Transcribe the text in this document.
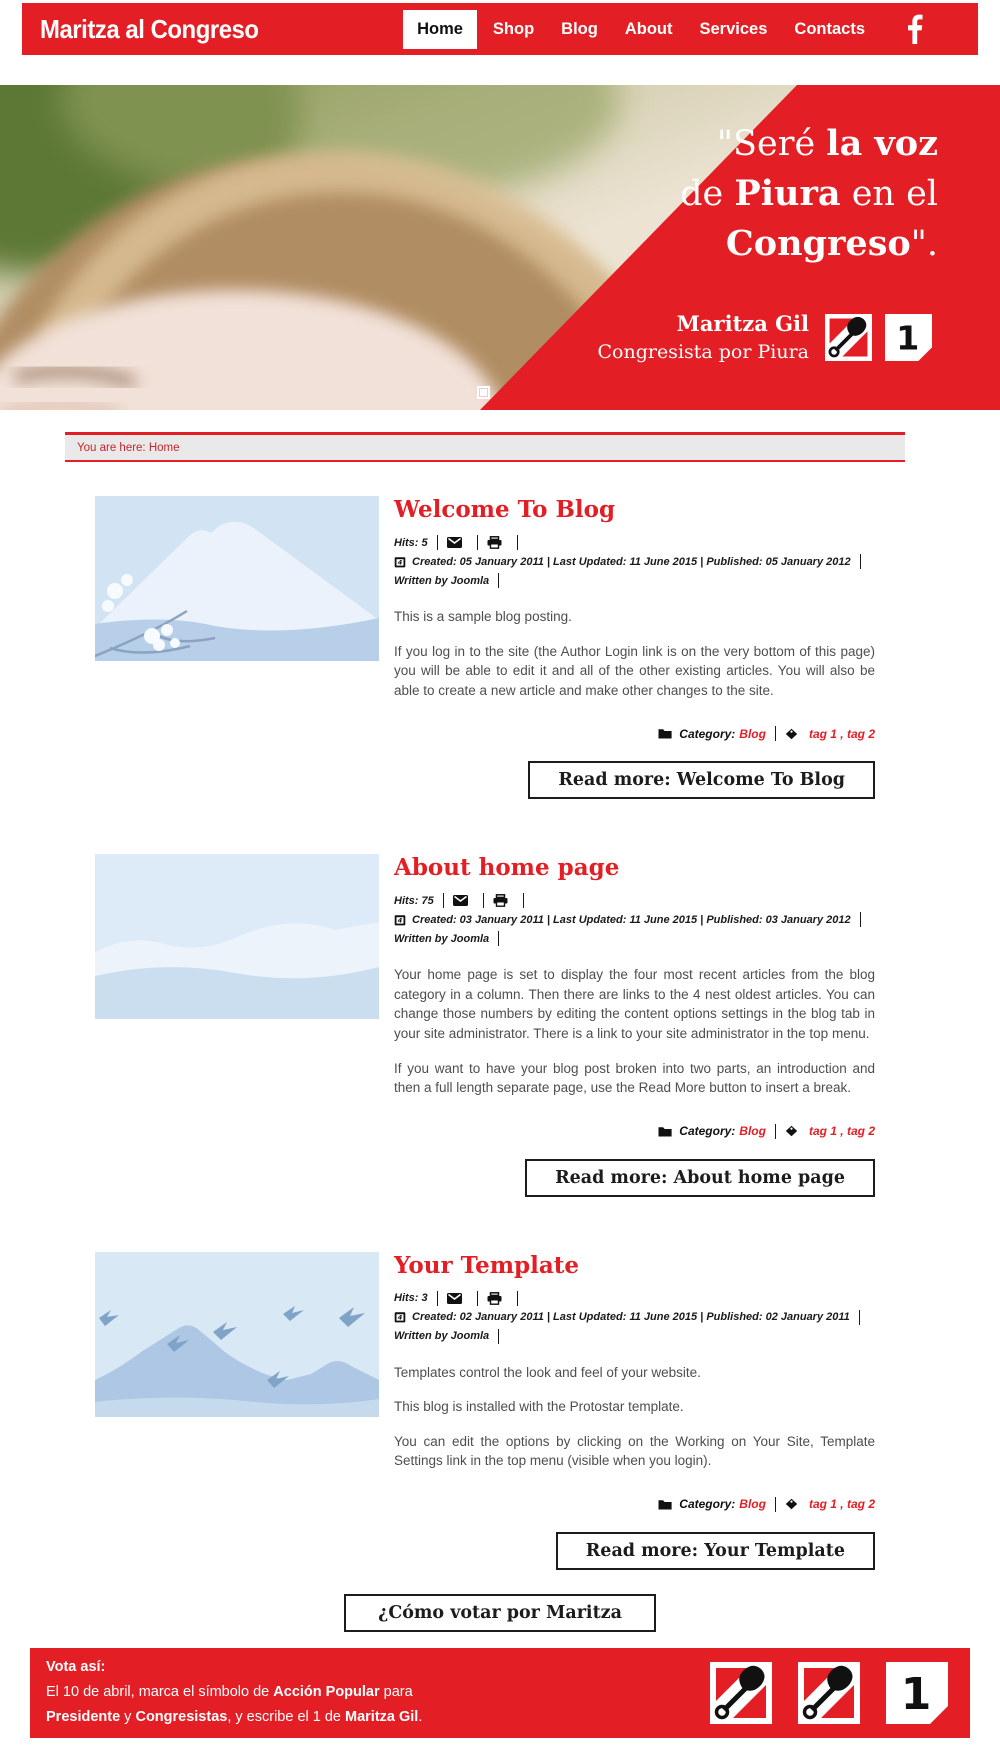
Maritza al Congreso	Home	Shop	Blog	About	Services	Contacts
"Seré la voz
de Piura en el
Congreso".
Maritza Gil
Congresista por Piura 1
You are here: Home
Welcome To Blog
Hits: 5
4 Created: 05 January 2011 | Last Updated: 11 June 2015 | Published: 05 January 2012
Written by Joomla

This is a sample blog posting.

If you log in to the site (the Author Login link is on the very bottom of this page) you will be able to edit it and all of the other existing articles. You will also be able to create a new article and make other changes to the site.

Category: Blog	tag 1 , tag 2
Read more: Welcome To Blog
About home page
Hits: 75
4 Created: 03 January 2011 | Last Updated: 11 June 2015 | Published: 03 January 2012
Written by Joomla

Your home page is set to display the four most recent articles from the blog category in a column. Then there are links to the 4 nest oldest articles. You can change those numbers by editing the content options settings in the blog tab in your site administrator. There is a link to your site administrator in the top menu.

If you want to have your blog post broken into two parts, an introduction and then a full length separate page, use the Read More button to insert a break.

Category: Blog	tag 1 , tag 2
Read more: About home page
Your Template
Hits: 3
4 Created: 02 January 2011 | Last Updated: 11 June 2015 | Published: 02 January 2011
Written by Joomla

Templates control the look and feel of your website.

This blog is installed with the Protostar template.

You can edit the options by clicking on the Working on Your Site, Template Settings link in the top menu (visible when you login).

Category: Blog	tag 1 , tag 2
Read more: Your Template
¿Cómo votar por Maritza
Vota así:
El 10 de abril, marca el símbolo de Acción Popular para
Presidente y Congresistas, y escribe el 1 de Maritza Gil.	1
